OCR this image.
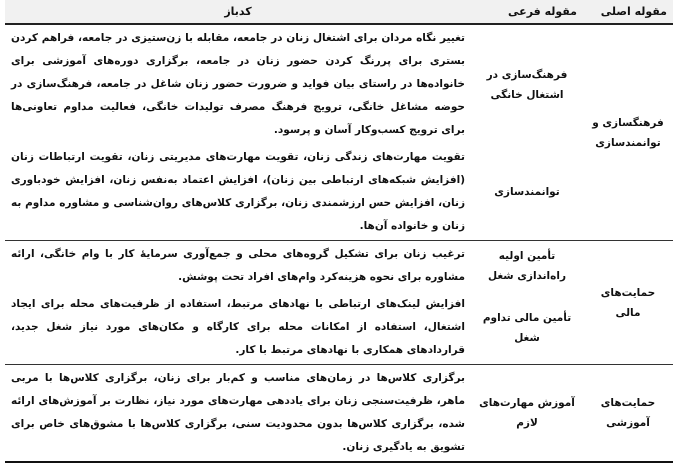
مقوله اصلی	مقوله فرعی	کدباز
فرهنگسازی و توانمندسازی	فرهنگ‌سازی در اشتغال خانگی	تغییر نگاه مردان برای اشتغال زنان در جامعه، مقابله با زن‌ستیزی در جامعه، فراهم کردن بستری برای پررنگ کردن حضور زنان در جامعه، برگزاری دوره‌های آموزشی برای خانواده‌ها در راستای بیان فواید و ضرورت حضور زنان شاغل در جامعه، فرهنگ‌سازی در حوضه مشاغل خانگی، ترویج فرهنگ مصرف تولیدات خانگی، فعالیت مداوم تعاونی‌ها برای ترویج کسب‌وکار آسان و پرسود.
	توانمندسازی	تقویت مهارت‌های زندگی زنان، تقویت مهارت‌های مدیریتی زنان، تقویت ارتباطات زنان (افزایش شبکه‌های ارتباطی بین زنان)، افزایش اعتماد به‌نفس زنان، افزایش خودباوری زنان، افزایش حس ارزشمندی زنان، برگزاری کلاس‌های روان‌شناسی و مشاوره مداوم به زنان و خانواده آن‌ها.
حمایت‌های مالی	تأمین اولیه راه‌اندازی شغل	ترغیب زنان برای تشکیل گروه‌های محلی و جمع‌آوری سرمایهٔ کار با وام خانگی، ارائه مشاوره برای نحوه هزینه‌کرد وام‌های افراد تحت پوشش.
	تأمین مالی تداوم شغل	افزایش لینک‌های ارتباطی با نهادهای مرتبط، استفاده از ظرفیت‌های محله برای ایجاد اشتغال، استفاده از امکانات محله برای کارگاه و مکان‌های مورد نیاز شغل جدید، قراردادهای همکاری با نهادهای مرتبط با کار.
حمایت‌های آموزشی	آموزش مهارت‌های لازم	برگزاری کلاس‌ها در زمان‌های مناسب و کم‌بار برای زنان، برگزاری کلاس‌ها با مربی ماهر، ظرفیت‌سنجی زنان برای یاددهی مهارت‌های مورد نیاز، نظارت بر آموزش‌های ارائه شده، برگزاری کلاس‌ها بدون محدودیت سنی، برگزاری کلاس‌ها با مشوق‌های خاص برای تشویق به یادگیری زنان.
